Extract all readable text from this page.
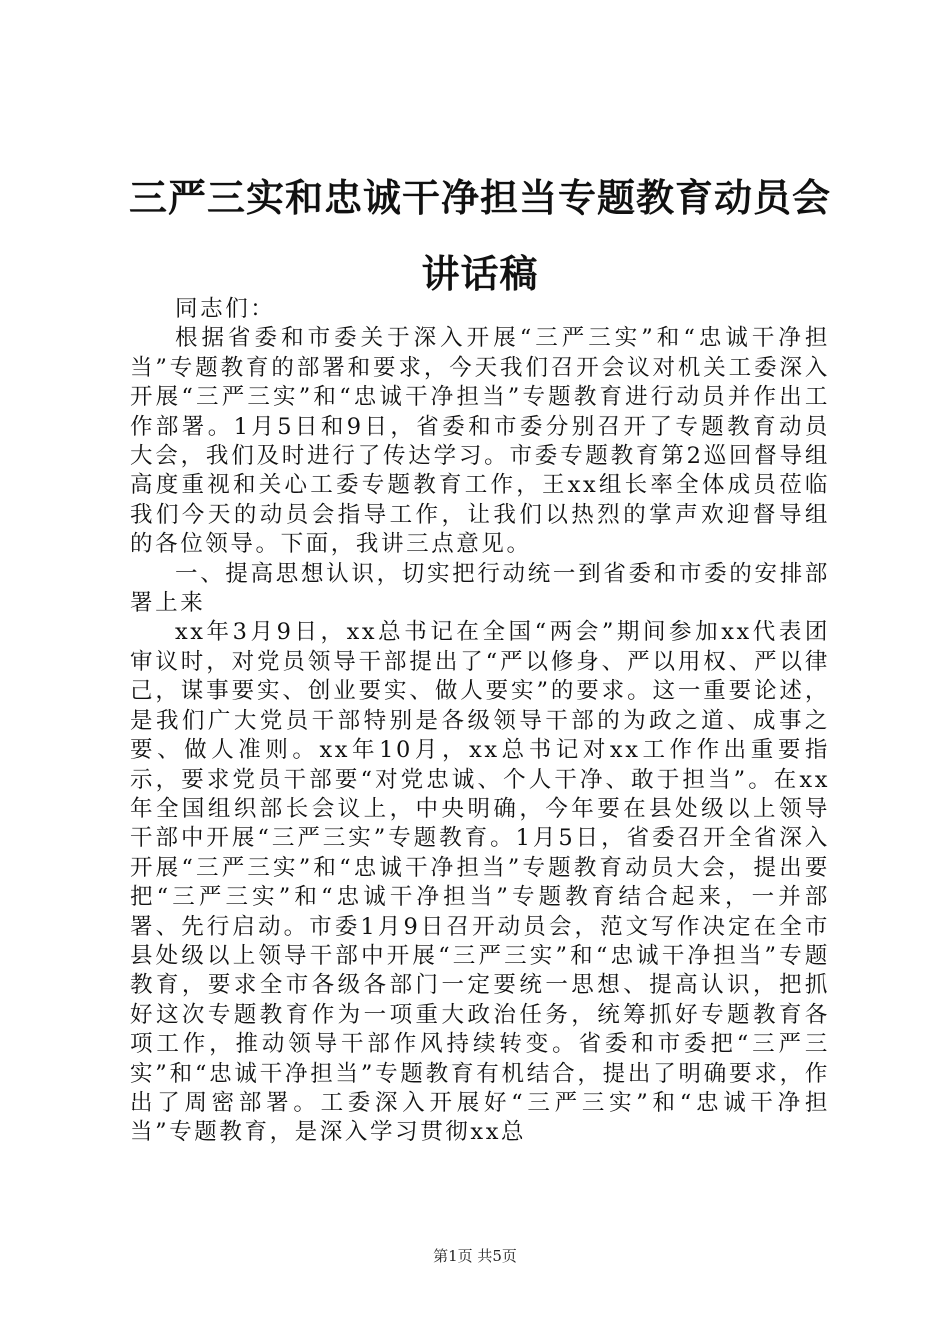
三严三实和忠诚干净担当专题教育动员会讲话稿

同志们：

根据省委和市委关于深入开展“三严三实”和“忠诚干净担当”专题教育的部署和要求，今天我们召开会议对机关工委深入开展“三严三实”和“忠诚干净担当”专题教育进行动员并作出工作部署。1月5日和9日，省委和市委分别召开了专题教育动员大会，我们及时进行了传达学习。市委专题教育第2巡回督导组高度重视和关心工委专题教育工作，王xx组长率全体成员莅临我们今天的动员会指导工作，让我们以热烈的掌声欢迎督导组的各位领导。下面，我讲三点意见。

一、提高思想认识，切实把行动统一到省委和市委的安排部署上来

xx年3月9日，xx总书记在全国“两会”期间参加xx代表团审议时，对党员领导干部提出了“严以修身、严以用权、严以律己，谋事要实、创业要实、做人要实”的要求。这一重要论述，是我们广大党员干部特别是各级领导干部的为政之道、成事之要、做人准则。xx年10月，xx总书记对xx工作作出重要指示，要求党员干部要“对党忠诚、个人干净、敢于担当”。在xx年全国组织部长会议上，中央明确，今年要在县处级以上领导干部中开展“三严三实”专题教育。1月5日，省委召开全省深入开展“三严三实”和“忠诚干净担当”专题教育动员大会，提出要把“三严三实”和“忠诚干净担当”专题教育结合起来，一并部署、先行启动。市委1月9日召开动员会，范文写作决定在全市县处级以上领导干部中开展“三严三实”和“忠诚干净担当”专题教育，要求全市各级各部门一定要统一思想、提高认识，把抓好这次专题教育作为一项重大政治任务，统筹抓好专题教育各项工作，推动领导干部作风持续转变。省委和市委把“三严三实”和“忠诚干净担当”专题教育有机结合，提出了明确要求，作出了周密部署。工委深入开展好“三严三实”和“忠诚干净担当”专题教育，是深入学习贯彻xx总

第1页 共5页
